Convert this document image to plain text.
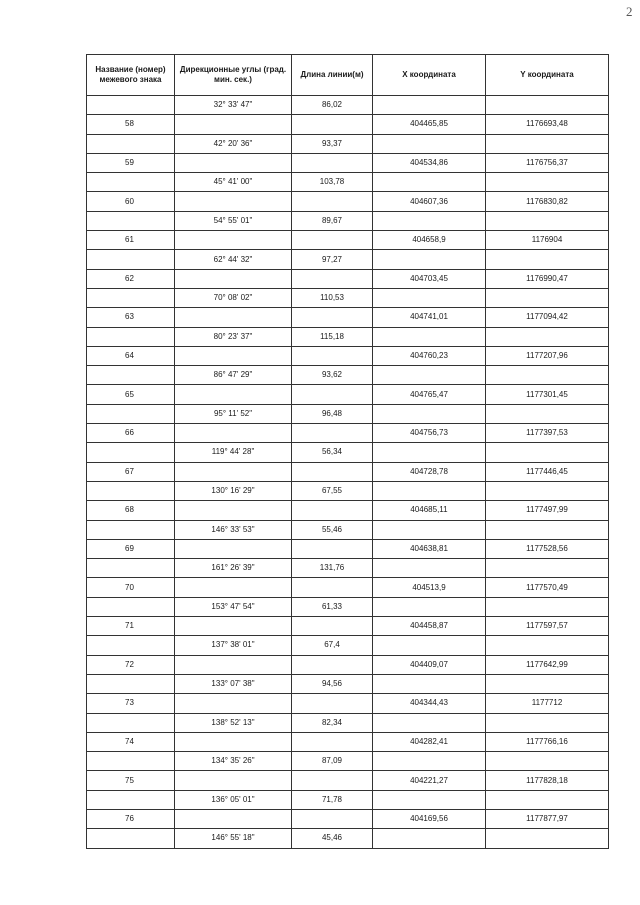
2
Название (номер) межевого знака	Дирекционные углы (град. мин. сек.)	Длина линии(м)	X координата	Y координата
	32° 33' 47"	86,02		
58			404465,85	1176693,48
	42° 20' 36"	93,37		
59			404534,86	1176756,37
	45° 41' 00"	103,78		
60			404607,36	1176830,82
	54° 55' 01"	89,67		
61			404658,9	1176904
	62° 44' 32"	97,27		
62			404703,45	1176990,47
	70° 08' 02"	110,53		
63			404741,01	1177094,42
	80° 23' 37"	115,18		
64			404760,23	1177207,96
	86° 47' 29"	93,62		
65			404765,47	1177301,45
	95° 11' 52"	96,48		
66			404756,73	1177397,53
	119° 44' 28"	56,34		
67			404728,78	1177446,45
	130° 16' 29"	67,55		
68			404685,11	1177497,99
	146° 33' 53"	55,46		
69			404638,81	1177528,56
	161° 26' 39"	131,76		
70			404513,9	1177570,49
	153° 47' 54"	61,33		
71			404458,87	1177597,57
	137° 38' 01"	67,4		
72			404409,07	1177642,99
	133° 07' 38"	94,56		
73			404344,43	1177712
	138° 52' 13"	82,34		
74			404282,41	1177766,16
	134° 35' 26"	87,09		
75			404221,27	1177828,18
	136° 05' 01"	71,78		
76			404169,56	1177877,97
	146° 55' 18"	45,46		
